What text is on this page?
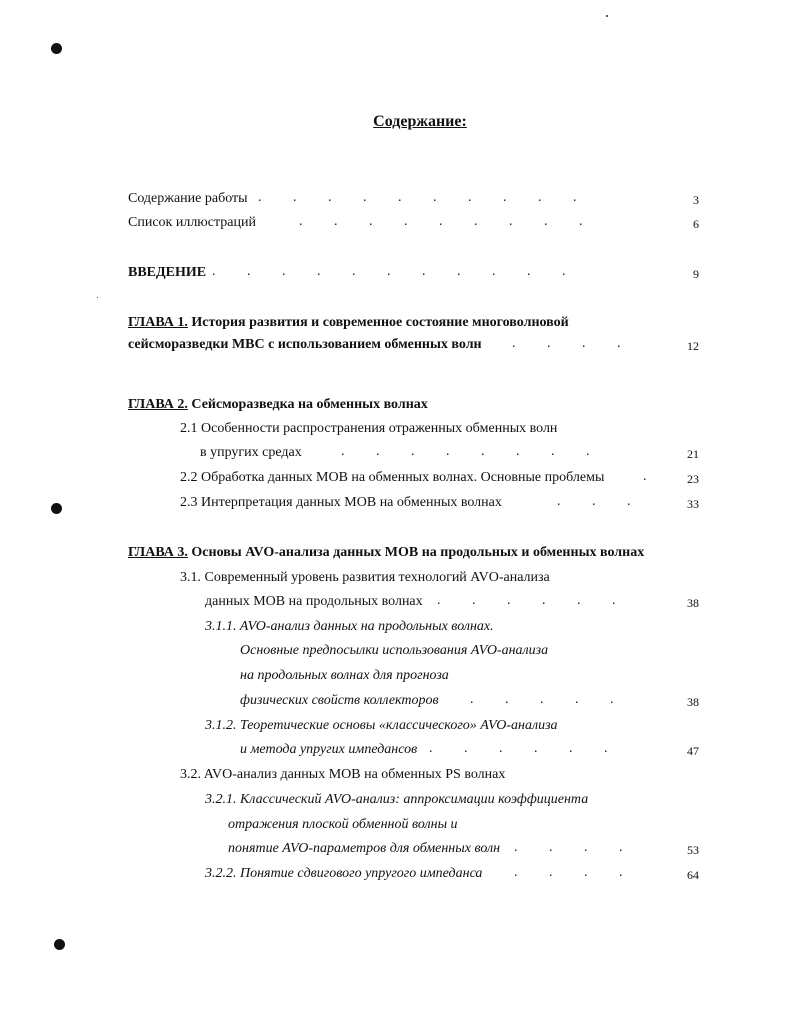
Содержание:
Содержание работы .         .         .         .         .         .         .         .         .         .	3
Список иллюстраций	.         .         .         .         .         .         .         .         .	6
ВВЕДЕНИЕ .         .         .         .         .         .         .         .         .         .         .	9
ГЛАВА 1. История развития и современное состояние многоволновой
сейсморазведки МВС с использованием обменных волн .         .         .         .	12
ГЛАВА 2. Сейсморазведка на обменных волнах
2.1 Особенности распространения отраженных обменных волн
в упругих средах	.         .         .         .         .         .         .         .	21
2.2 Обработка данных МОВ на обменных волнах. Основные проблемы	.	23
2.3 Интерпретация данных МОВ на обменных волнах	.         .         .	33
ГЛАВА 3. Основы AVO-анализа данных МОВ на продольных и обменных волнах
3.1. Современный уровень развития технологий AVO-анализа
данных МОВ на продольных волнах .         .         .         .         .         .	38
3.1.1. AVO-анализ данных на продольных волнах.
Основные предпосылки использования AVO-анализа
на продольных волнах для прогноза
физических свойств коллекторов .         .         .         .         .	38
3.1.2. Теоретические основы «классического» AVO-анализа
и метода упругих импедансов .         .         .         .         .         .	47
3.2. AVO-анализ данных МОВ на обменных PS волнах
3.2.1. Классический AVO-анализ: аппроксимации коэффициента
отражения плоской обменной волны и
понятие AVO-параметров для обменных волн .         .         .         .	53
3.2.2. Понятие сдвигового упругого импеданса .         .         .         .	64
